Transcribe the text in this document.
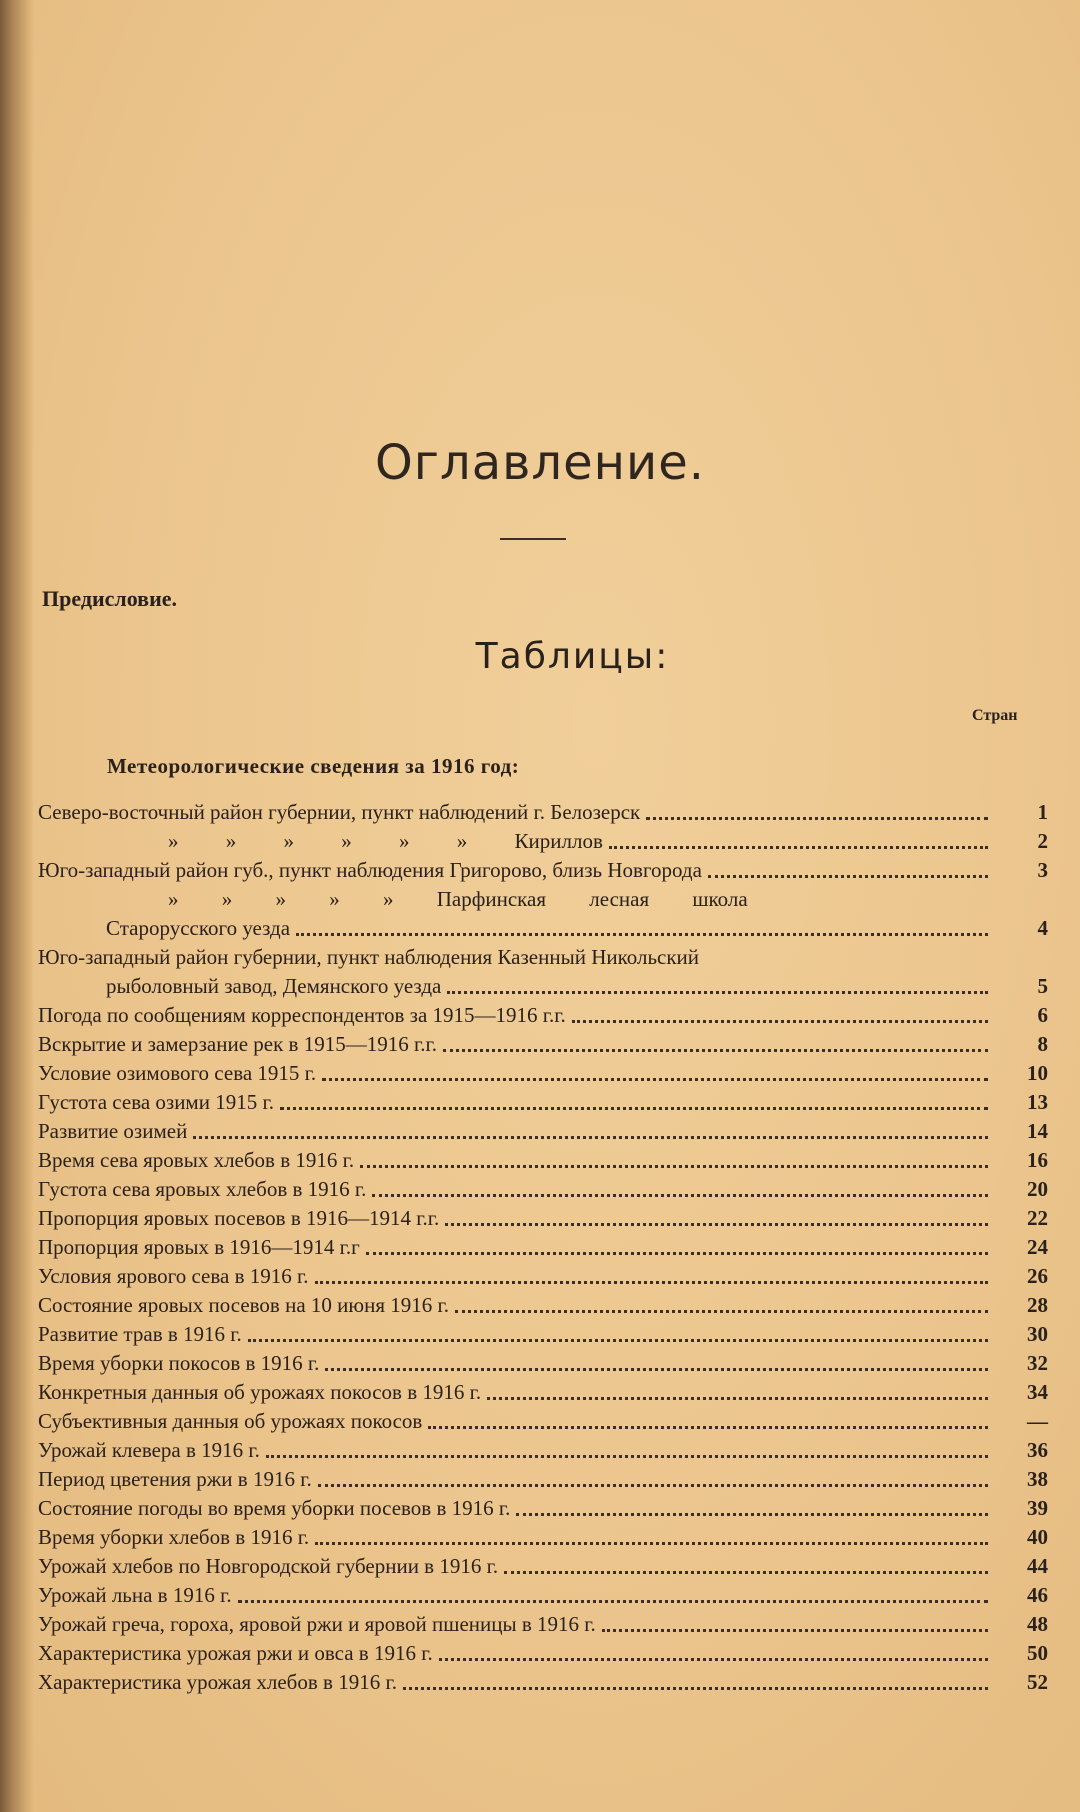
Оглавление.
Предисловие.
Таблицы:
Стран
Метеорологические сведения за 1916 год:
Северо-восточный район губернии, пункт наблюдений г. Белозерск	1
» » » » » » Кириллов	2
Юго-западный район губ., пункт наблюдения Григорово, близь Новгорода	3
» » » » » Парфинская лесная школа
Старорусского уезда	4
Юго-западный район губернии, пункт наблюдения Казенный Никольский
рыболовный завод, Демянского уезда	5
Погода по сообщениям корреспондентов за 1915—1916 г.г.	6
Вскрытие и замерзание рек в 1915—1916 г.г.	8
Условие озимового сева 1915 г.	10
Густота сева озими 1915 г.	13
Развитие озимей	14
Время сева яровых хлебов в 1916 г.	16
Густота сева яровых хлебов в 1916 г.	20
Пропорция яровых посевов в 1916—1914 г.г.	22
Пропорция яровых в 1916—1914 г.г	24
Условия ярового сева в 1916 г.	26
Состояние яровых посевов на 10 июня 1916 г.	28
Развитие трав в 1916 г.	30
Время уборки покосов в 1916 г.	32
Конкретныя данныя об урожаях покосов в 1916 г.	34
Субъективныя данныя об урожаях покосов	—
Урожай клевера в 1916 г.	36
Период цветения ржи в 1916 г.	38
Состояние погоды во время уборки посевов в 1916 г.	39
Время уборки хлебов в 1916 г.	40
Урожай хлебов по Новгородской губернии в 1916 г.	44
Урожай льна в 1916 г.	46
Урожай греча, гороха, яровой ржи и яровой пшеницы в 1916 г.	48
Характеристика урожая ржи и овса в 1916 г.	50
Характеристика урожая хлебов в 1916 г.	52
